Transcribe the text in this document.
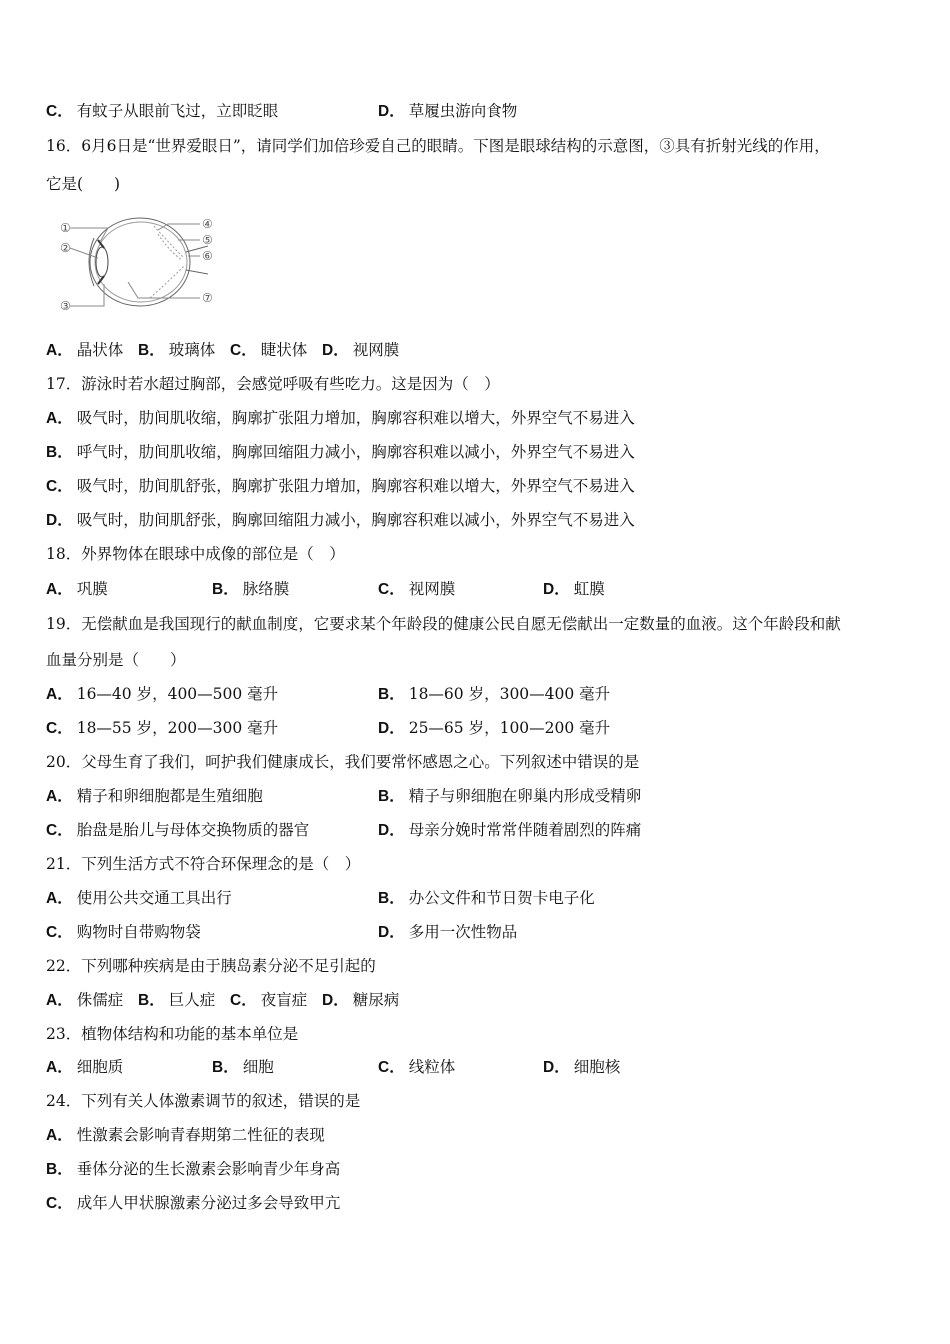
C． 有蚊子从眼前飞过，立即眨眼	D． 草履虫游向食物
16．6月6日是“世界爱眼日”，请同学们加倍珍爱自己的眼睛。下图是眼球结构的示意图，③具有折射光线的作用，
它是(　　)
①
②
③
④
⑤
⑥
⑦
A． 晶状体 B． 玻璃体 C． 睫状体 D． 视网膜
17．游泳时若水超过胸部，会感觉呼吸有些吃力。这是因为（　）
A． 吸气时，肋间肌收缩，胸廓扩张阻力增加，胸廓容积难以增大，外界空气不易进入
B． 呼气时，肋间肌收缩，胸廓回缩阻力减小，胸廓容积难以减小，外界空气不易进入
C． 吸气时，肋间肌舒张，胸廓扩张阻力增加，胸廓容积难以增大，外界空气不易进入
D． 吸气时，肋间肌舒张，胸廓回缩阻力减小，胸廓容积难以减小，外界空气不易进入
18．外界物体在眼球中成像的部位是（　）
A． 巩膜	B． 脉络膜	C． 视网膜	D． 虹膜
19．无偿献血是我国现行的献血制度，它要求某个年龄段的健康公民自愿无偿献出一定数量的血液。这个年龄段和献
血量分别是（　　）
A． 16—40 岁，400—500 毫升	B． 18—60 岁，300—400 毫升
C． 18—55 岁，200—300 毫升	D． 25—65 岁，100—200 毫升
20．父母生育了我们，呵护我们健康成长，我们要常怀感恩之心。下列叙述中错误的是
A． 精子和卵细胞都是生殖细胞	B． 精子与卵细胞在卵巢内形成受精卵
C． 胎盘是胎儿与母体交换物质的器官	D． 母亲分娩时常常伴随着剧烈的阵痛
21．下列生活方式不符合环保理念的是（　）
A． 使用公共交通工具出行	B． 办公文件和节日贺卡电子化
C． 购物时自带购物袋	D． 多用一次性物品
22．下列哪种疾病是由于胰岛素分泌不足引起的
A． 侏儒症 B． 巨人症 C． 夜盲症 D． 糖尿病
23．植物体结构和功能的基本单位是
A． 细胞质	B． 细胞	C． 线粒体	D． 细胞核
24．下列有关人体激素调节的叙述，错误的是
A． 性激素会影响青春期第二性征的表现
B． 垂体分泌的生长激素会影响青少年身高
C． 成年人甲状腺激素分泌过多会导致甲亢
